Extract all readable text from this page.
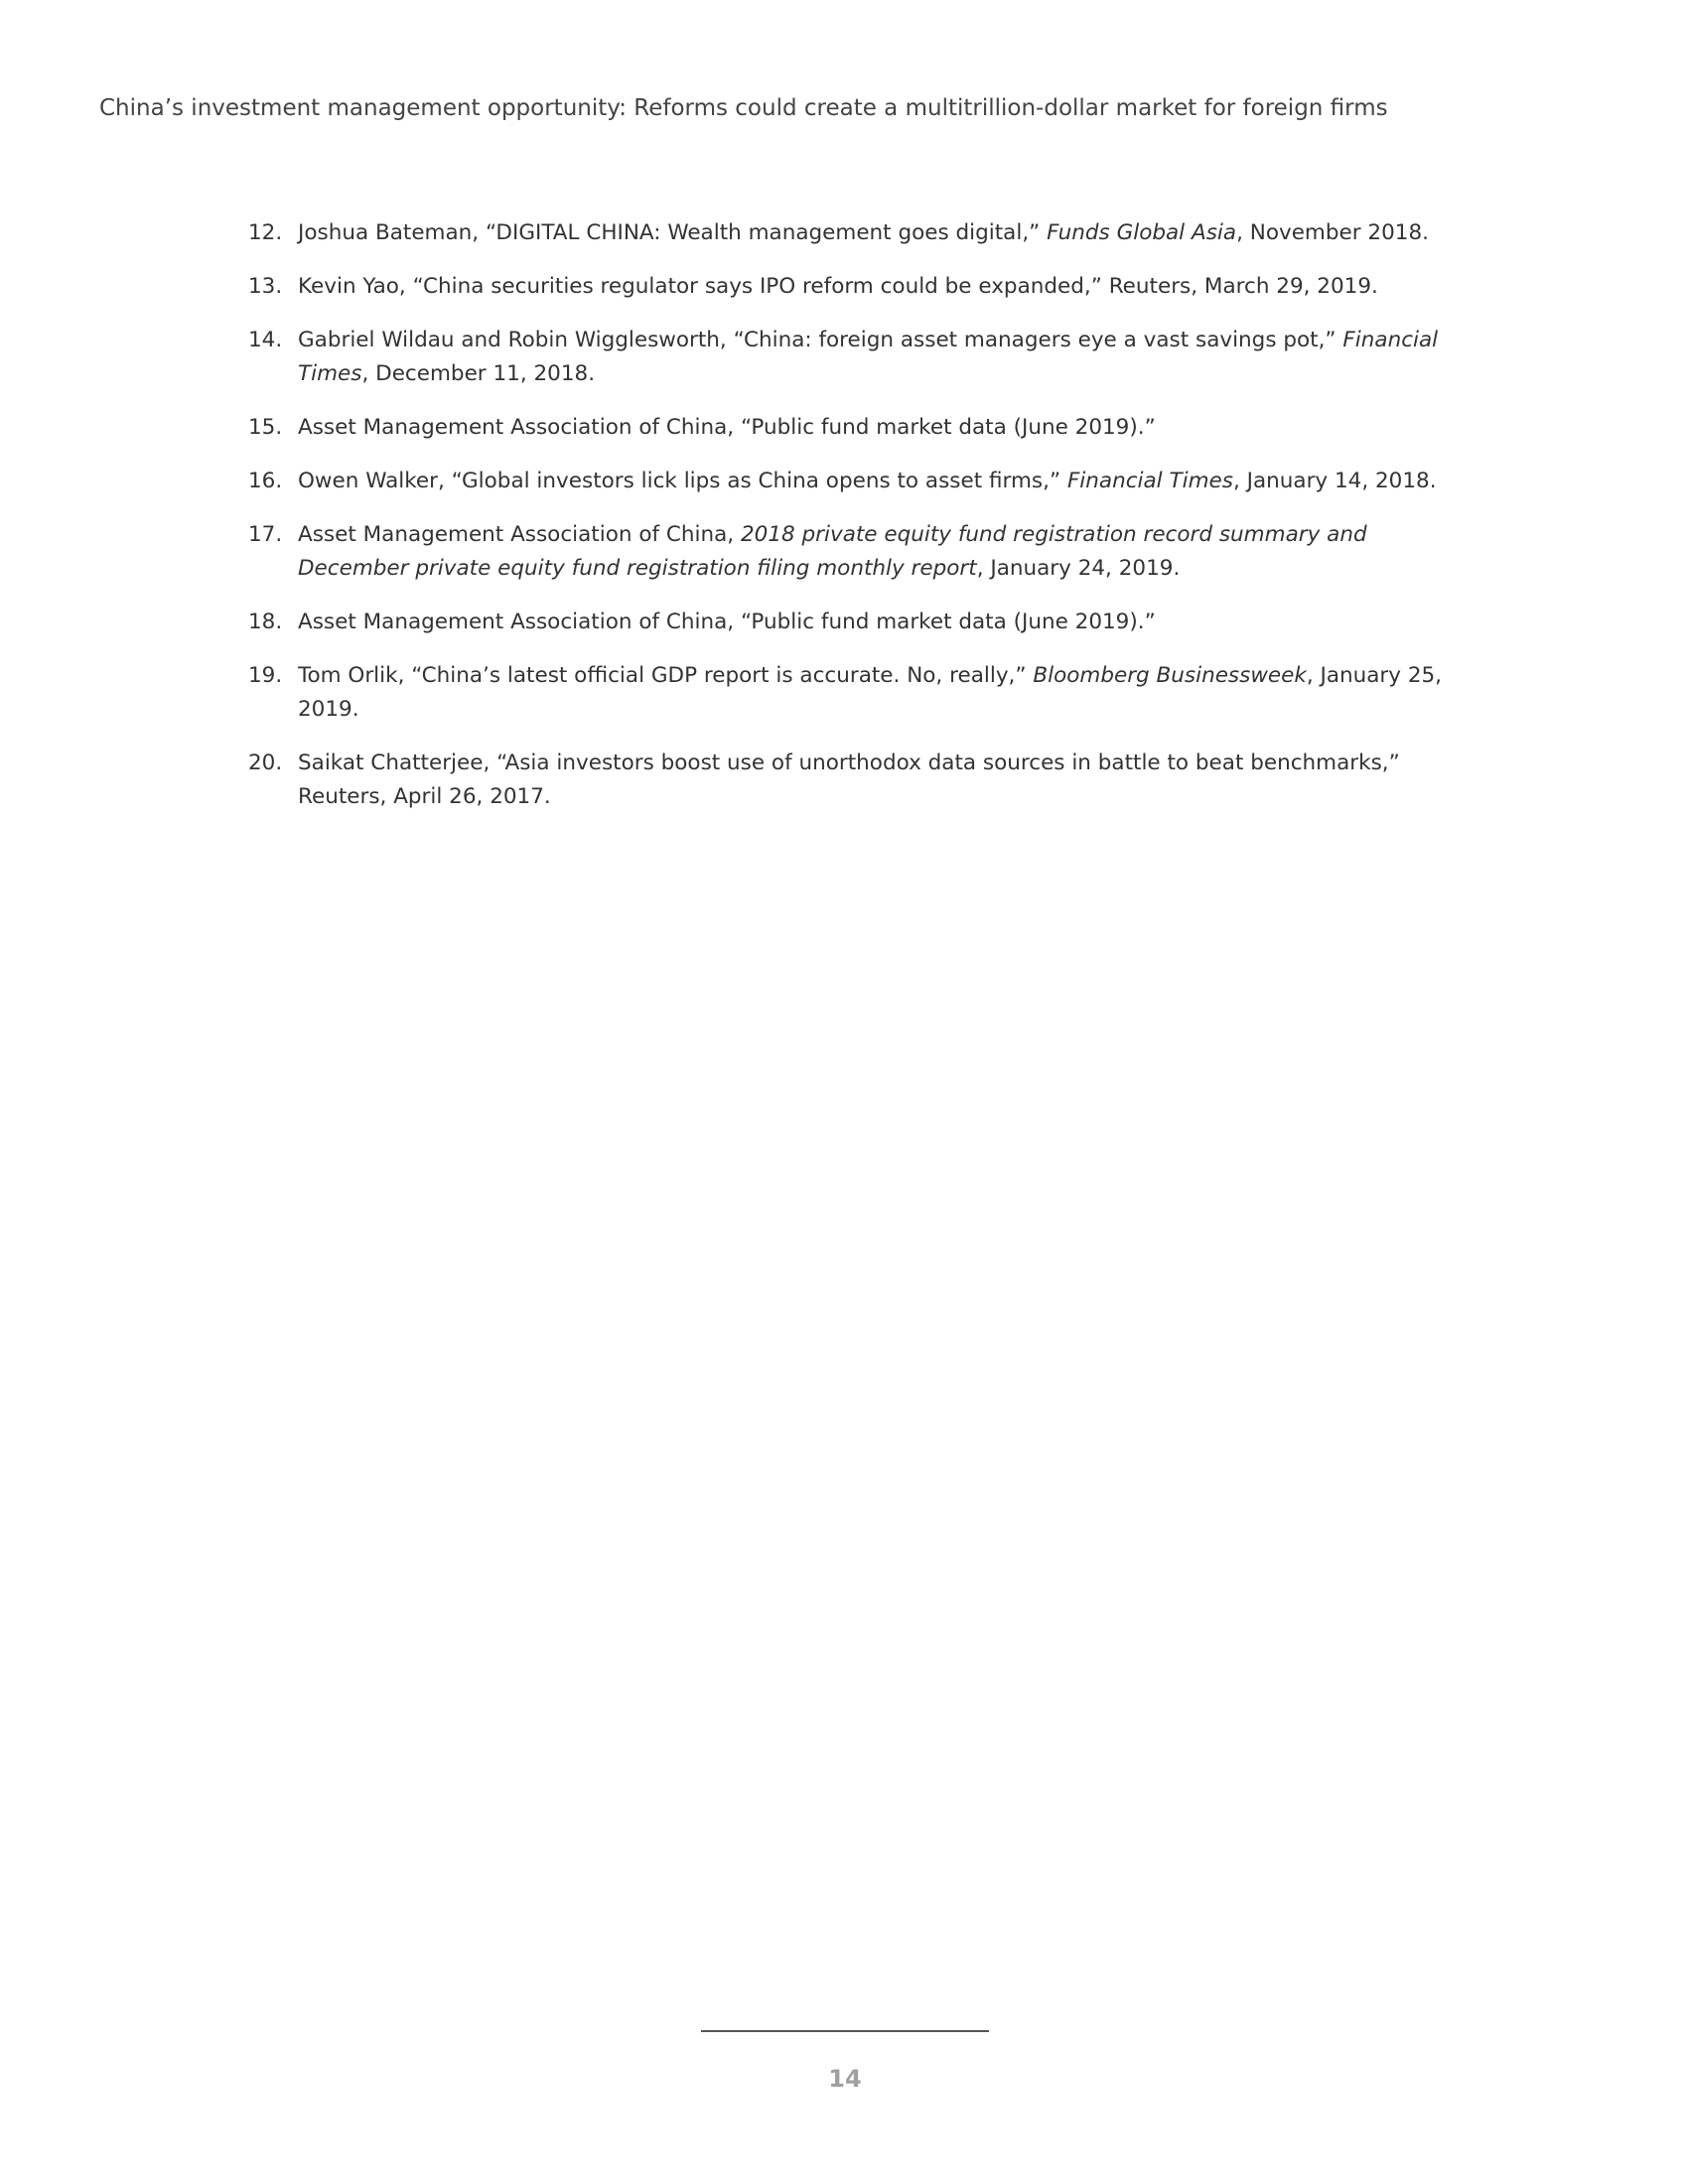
China’s investment management opportunity: Reforms could create a multitrillion-dollar market for foreign firms
12. Joshua Bateman, “DIGITAL CHINA: Wealth management goes digital,” Funds Global Asia, November 2018.
13. Kevin Yao, “China securities regulator says IPO reform could be expanded,” Reuters, March 29, 2019.
14. Gabriel Wildau and Robin Wigglesworth, “China: foreign asset managers eye a vast savings pot,” Financial Times, December 11, 2018.
15. Asset Management Association of China, “Public fund market data (June 2019).”
16. Owen Walker, “Global investors lick lips as China opens to asset firms,” Financial Times, January 14, 2018.
17. Asset Management Association of China, 2018 private equity fund registration record summary and December private equity fund registration filing monthly report, January 24, 2019.
18. Asset Management Association of China, “Public fund market data (June 2019).”
19. Tom Orlik, “China’s latest official GDP report is accurate. No, really,” Bloomberg Businessweek, January 25, 2019.
20. Saikat Chatterjee, “Asia investors boost use of unorthodox data sources in battle to beat benchmarks,” Reuters, April 26, 2017.
14
